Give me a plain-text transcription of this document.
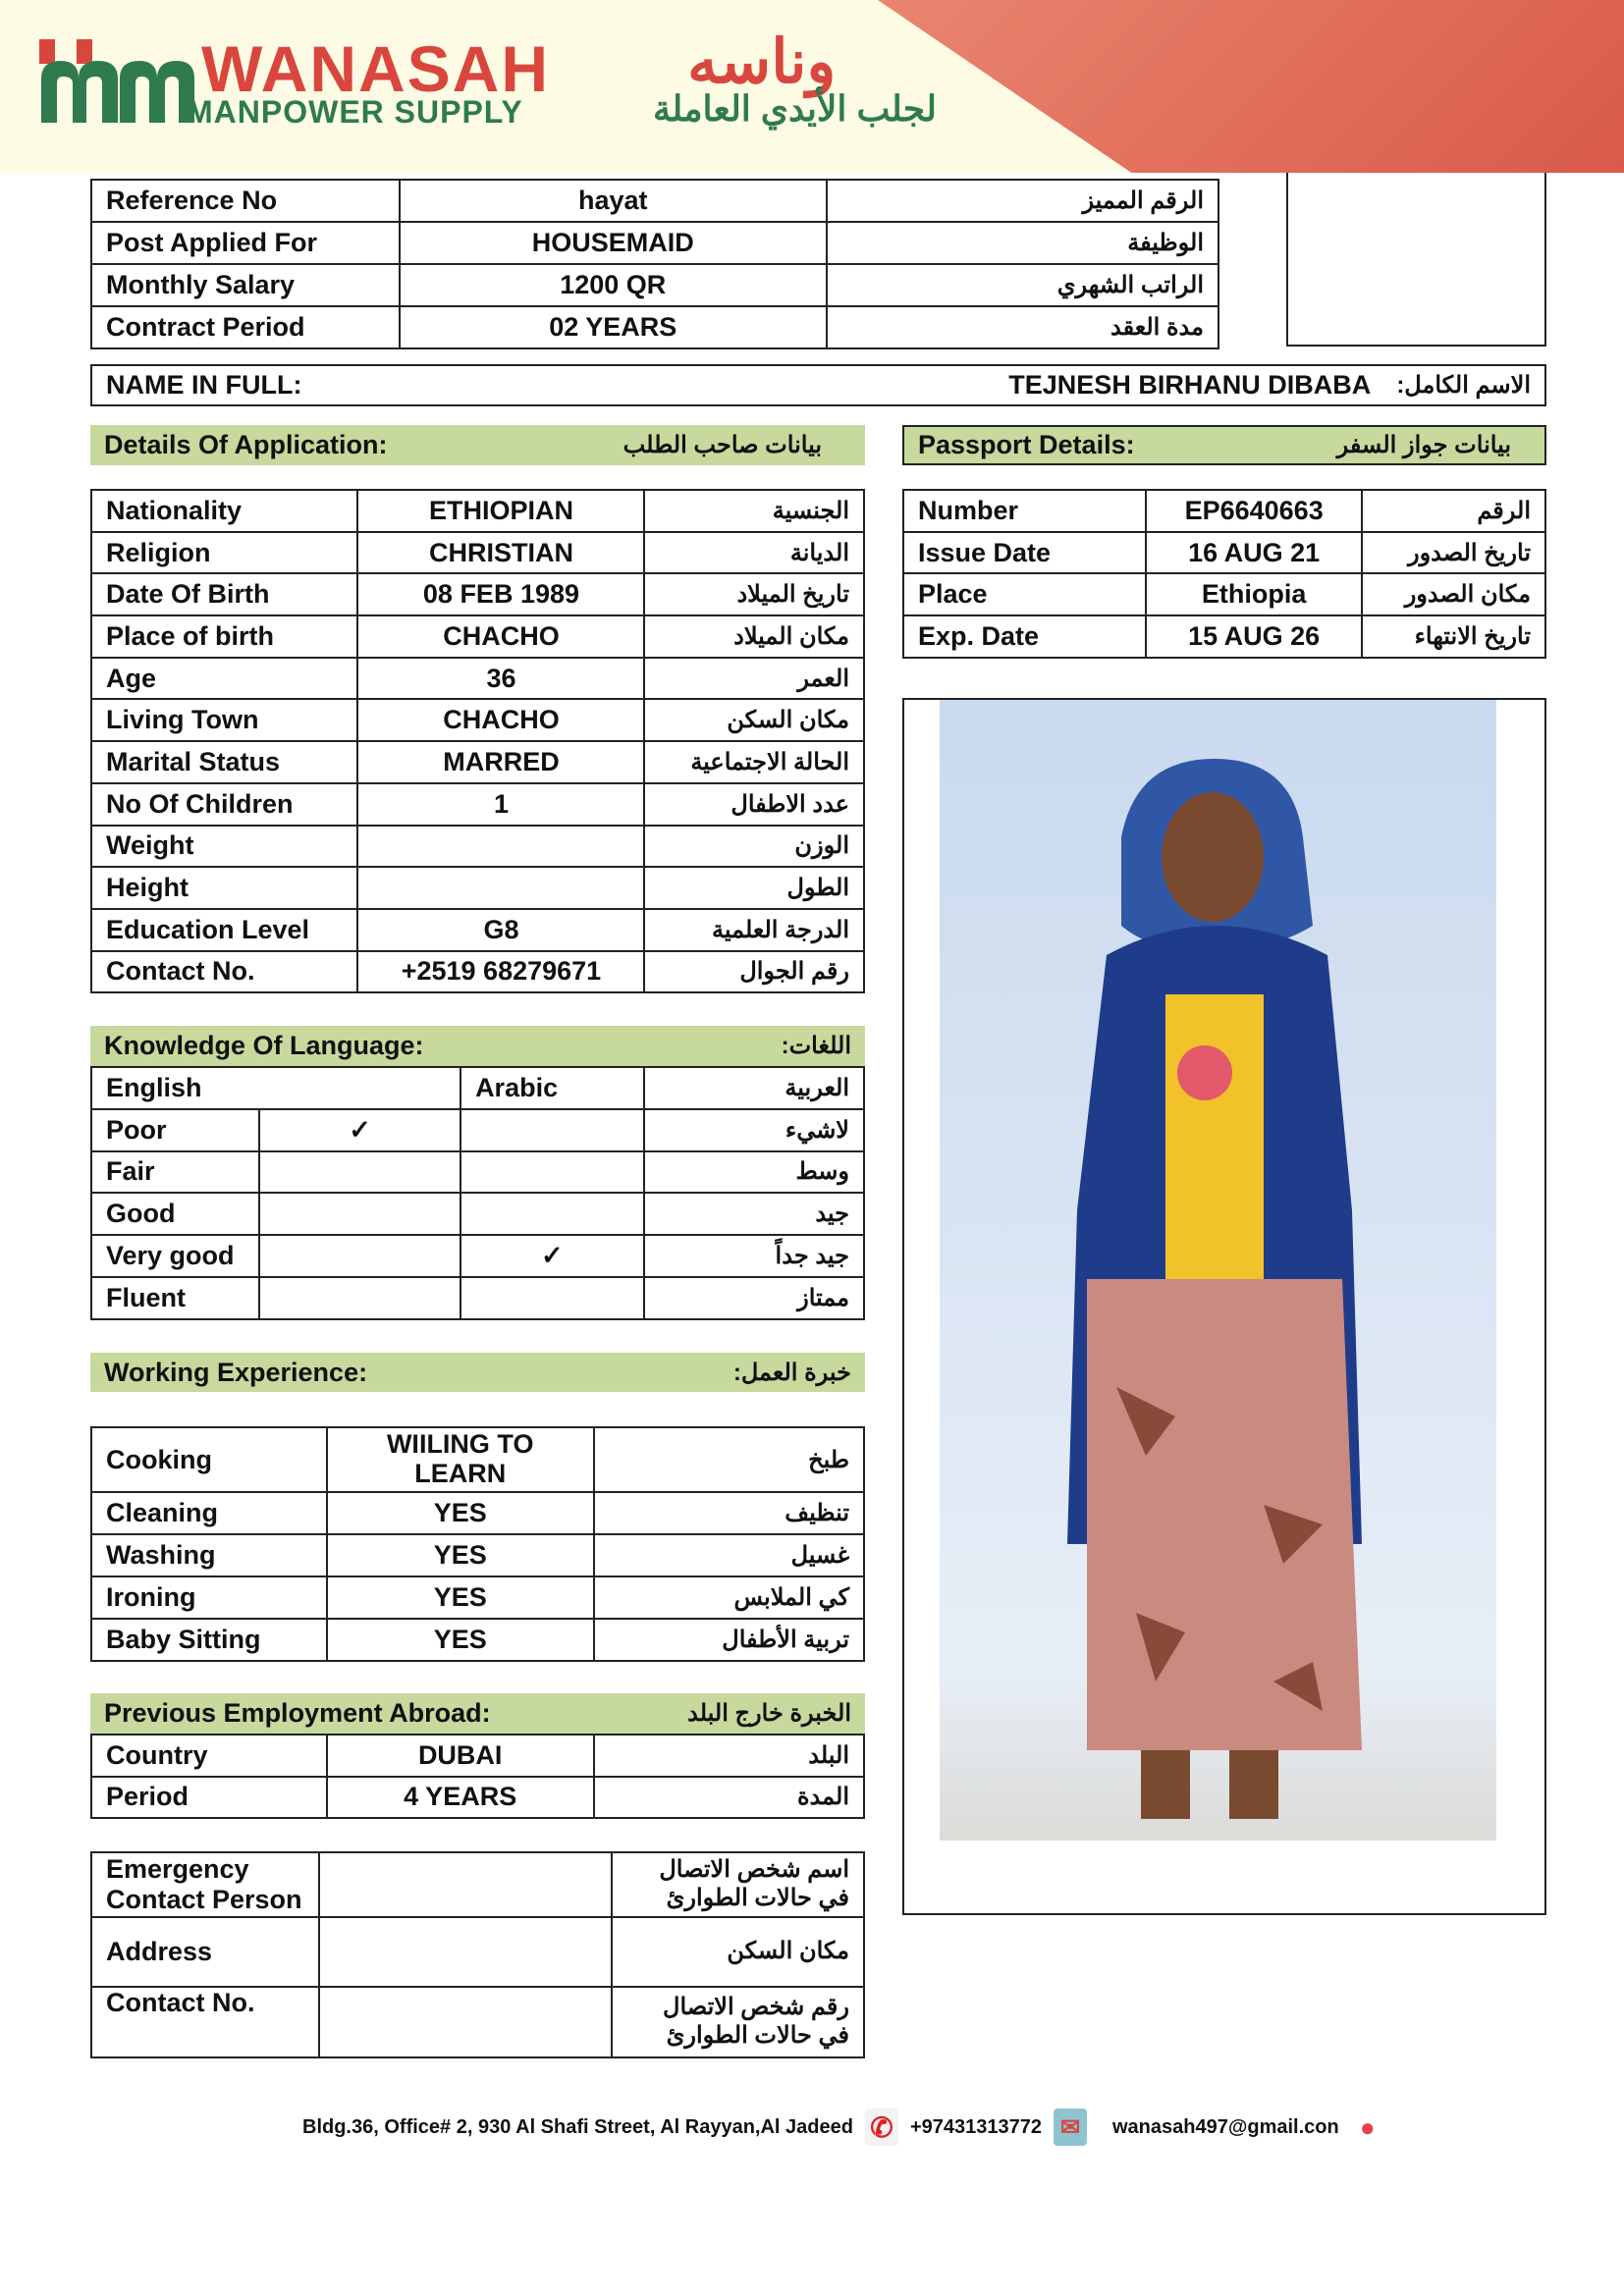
WANASAH وناسه
MANPOWER SUPPLY	لجلب الأيدي العاملة
Reference No	hayat	الرقم المميز
Post Applied For	HOUSEMAID	الوظيفة
Monthly Salary	1200 QR	الراتب الشهري
Contract Period	02 YEARS	مدة العقد
NAME IN FULL:	TEJNESH BIRHANU DIBABA الاسم الكامل:
Details Of Application:	بيانات صاحب الطلب	Passport Details:	بيانات جواز السفر
Nationality	ETHIOPIAN	الجنسية
Religion	CHRISTIAN	الديانة
Date Of Birth	08 FEB 1989	تاريخ الميلاد
Place of birth	CHACHO	مكان الميلاد
Age	36	العمر
Living Town	CHACHO	مكان السكن
Marital Status	MARRED	الحالة الاجتماعية
No Of Children	1	عدد الاطفال
Weight		الوزن
Height		الطول
Education Level	G8	الدرجة العلمية
Contact No.	+2519 68279671	رقم الجوال
Number	EP6640663	الرقم
Issue Date	16 AUG 21	تاريخ الصدور
Place	Ethiopia	مكان الصدور
Exp. Date	15 AUG 26	تاريخ الانتهاء
Knowledge Of Language:	اللغات:
English		Arabic	العربية
Poor	✓		لاشيء
Fair			وسط
Good			جيد
Very good		✓	جيد جداً
Fluent			ممتاز
Working Experience:	خبرة العمل:
Cooking	WIILING TO LEARN	طبخ
Cleaning	YES	تنظيف
Washing	YES	غسيل
Ironing	YES	كي الملابس
Baby Sitting	YES	تربية الأطفال
Previous Employment Abroad:	الخبرة خارج البلد
Country	DUBAI	البلد
Period	4 YEARS	المدة
Emergency Contact Person		اسم شخص الاتصال في حالات الطوارئ
Address		مكان السكن
Contact No.		رقم شخص الاتصال في حالات الطوارئ
Bldg.36, Office# 2, 930 Al Shafi Street, Al Rayyan,Al Jadeed ✆ +97431313772 ✉	wanasah497@gmail.con ●
